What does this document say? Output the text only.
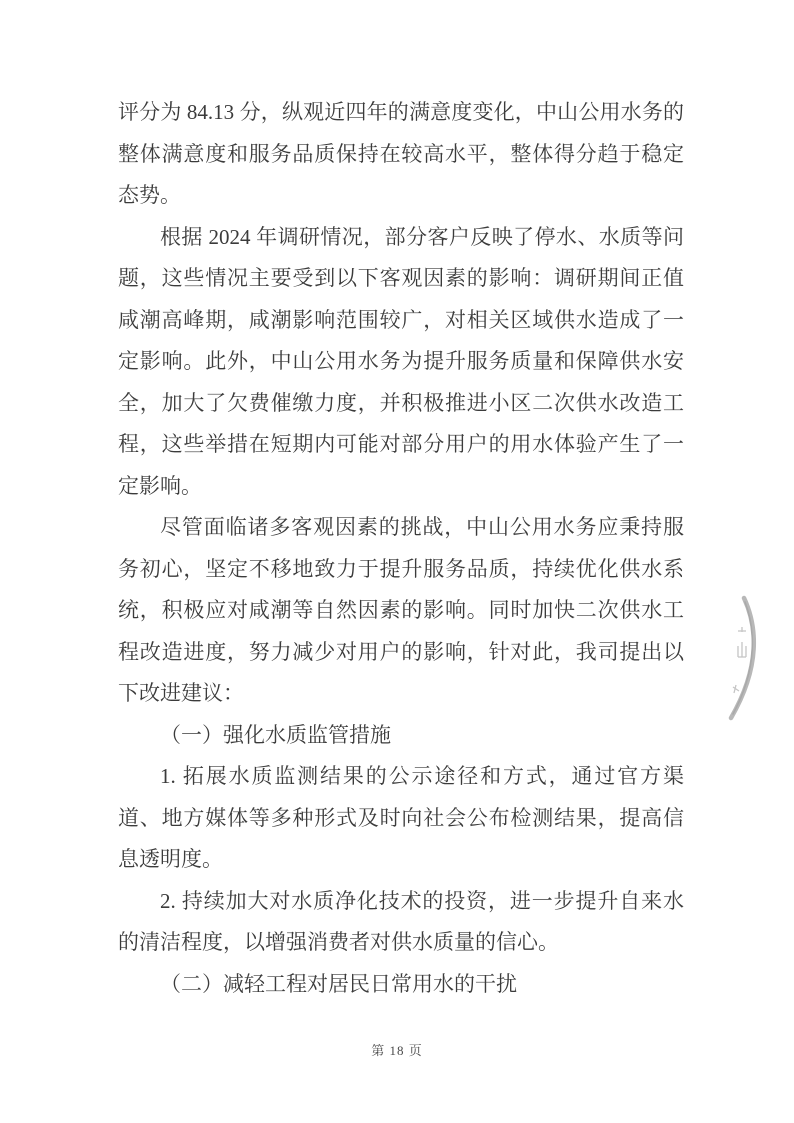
评分为 84.13 分，纵观近四年的满意度变化，中山公用水务的整体满意度和服务品质保持在较高水平，整体得分趋于稳定态势。

根据 2024 年调研情况，部分客户反映了停水、水质等问题，这些情况主要受到以下客观因素的影响：调研期间正值咸潮高峰期，咸潮影响范围较广，对相关区域供水造成了一定影响。此外，中山公用水务为提升服务质量和保障供水安全，加大了欠费催缴力度，并积极推进小区二次供水改造工程，这些举措在短期内可能对部分用户的用水体验产生了一定影响。

尽管面临诸多客观因素的挑战，中山公用水务应秉持服务初心，坚定不移地致力于提升服务品质，持续优化供水系统，积极应对咸潮等自然因素的影响。同时加快二次供水工程改造进度，努力减少对用户的影响，针对此，我司提出以下改进建议：

（一）强化水质监管措施

1. 拓展水质监测结果的公示途径和方式，通过官方渠道、地方媒体等多种形式及时向社会公布检测结果，提高信息透明度。

2. 持续加大对水质净化技术的投资，进一步提升自来水的清洁程度，以增强消费者对供水质量的信心。

（二）减轻工程对居民日常用水的干扰

第 18 页
